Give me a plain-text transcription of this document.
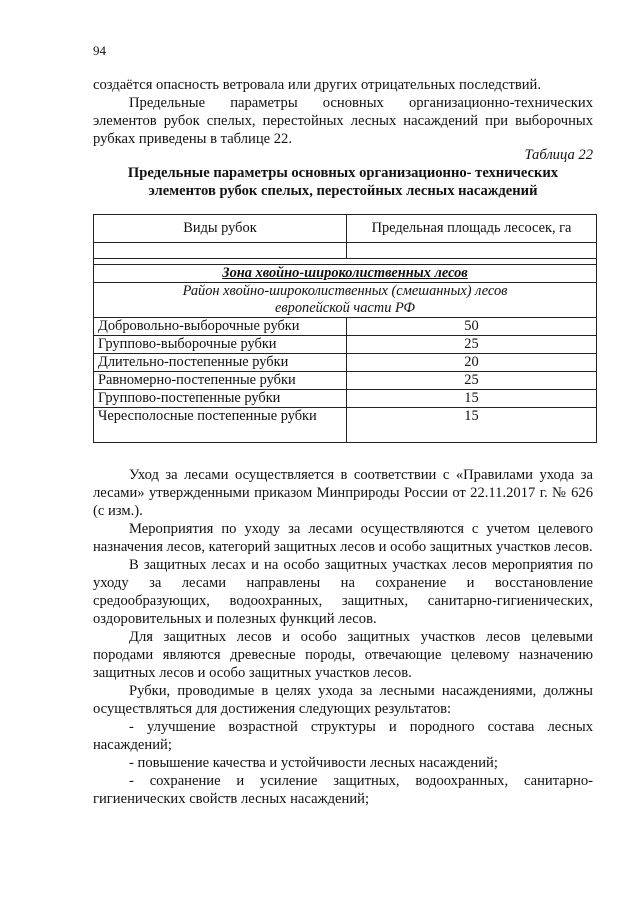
94

создаётся опасность ветровала или других отрицательных последствий.

Предельные параметры основных организационно-технических элементов рубок спелых, перестойных лесных насаждений при выборочных рубках приведены в таблице 22.

Таблица 22
Предельные параметры основных организационно- технических
элементов рубок спелых, перестойных лесных насаждений
Виды рубок	Предельная площадь лесосек, га

Зона хвойно-широколиственных лесов	

Район хвойно-широколиственных (смешанных) лесов
европейской части РФ	

Добровольно-выборочные рубки	50
Группово-выборочные рубки	25
Длительно-постепенные рубки	20
Равномерно-постепенные рубки	25
Группово-постепенные рубки	15
Чересполосные постепенные рубки	15

Уход за лесами осуществляется в соответствии с «Правилами ухода за лесами» утвержденными приказом Минприроды России от 22.11.2017 г. № 626 (с изм.).

Мероприятия по уходу за лесами осуществляются с учетом целевого назначения лесов, категорий защитных лесов и особо защитных участков лесов.

В защитных лесах и на особо защитных участках лесов мероприятия по уходу за лесами направлены на сохранение и восстановление средообразующих, водоохранных, защитных, санитарно-гигиенических, оздоровительных и полезных функций лесов.

Для защитных лесов и особо защитных участков лесов целевыми породами являются древесные породы, отвечающие целевому назначению защитных лесов и особо защитных участков лесов.

Рубки, проводимые в целях ухода за лесными насаждениями, должны осуществляться для достижения следующих результатов:

- улучшение возрастной структуры и породного состава лесных насаждений;

- повышение качества и устойчивости лесных насаждений;

- сохранение и усиление защитных, водоохранных, санитарно-гигиенических свойств лесных насаждений;
